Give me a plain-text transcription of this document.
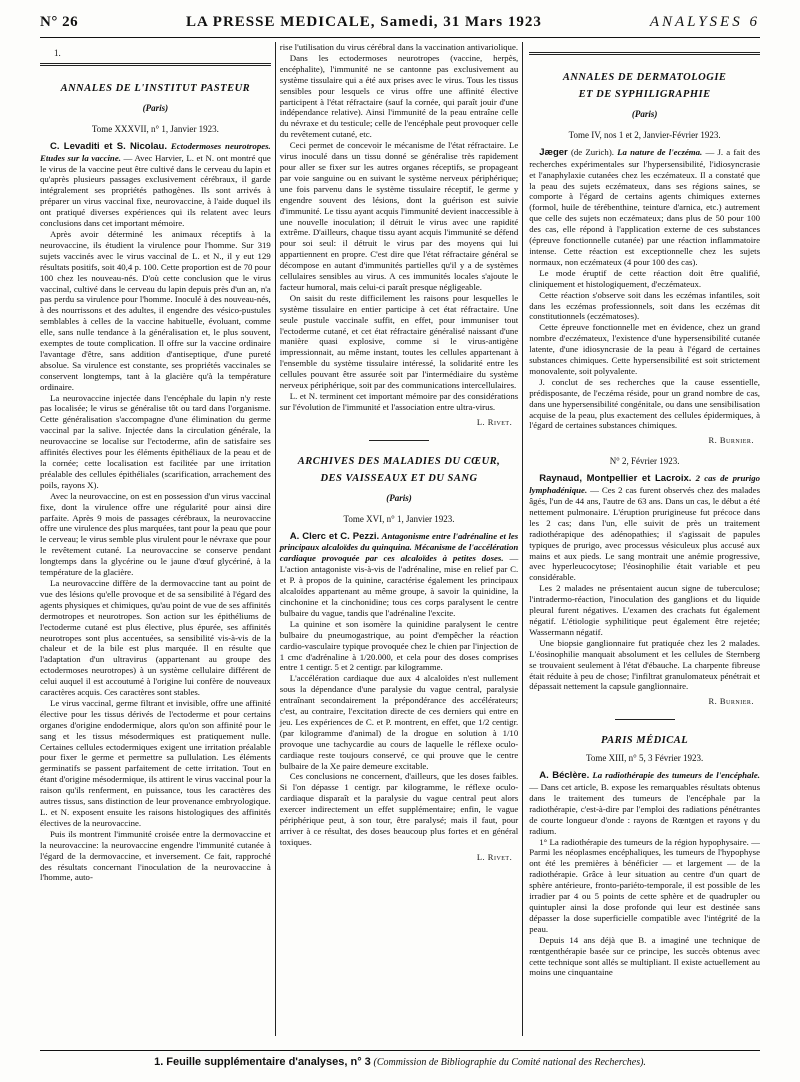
N° 26	LA PRESSE MEDICALE, Samedi, 31 Mars 1923	ANALYSES 6
1.
ANNALES DE L'INSTITUT PASTEUR
(Paris)
Tome XXXVII, n° 1, Janvier 1923.

C. Levaditi et S. Nicolau. Ectodermoses neurotropes. Etudes sur la vaccine. — Avec Harvier, L. et N. ont montré que le virus de la vaccine peut être cultivé dans le cerveau du lapin et qu'après plusieurs passages exclusivement cérébraux, il garde intégralement ses propriétés pathogènes. Ils sont arrivés à préparer un virus vaccinal fixe, neurovaccine, à l'aide duquel ils ont pratiqué diverses expériences qui ils relatent avec leurs conclusions dans cet important mémoire.

Après avoir déterminé les animaux réceptifs à la neurovaccine, ils étudient la virulence pour l'homme. Sur 319 sujets vaccinés avec le virus vaccinal de L. et N., il y eut 129 résultats positifs, soit 40,4 p. 100. Cette proportion est de 70 pour 100 chez les nouveau-nés. D'où cette conclusion que le virus vaccinal, cultivé dans le cerveau du lapin depuis près d'un an, n'a pas perdu sa virulence pour l'homme. Inoculé à des nouveau-nés, à des nourrissons et des adultes, il engendre des vésico-pustules semblables à celles de la vaccine habituelle, évoluant, comme elle, sans nulle tendance à la généralisation et, le plus souvent, exemptes de toute complication. Il offre sur la vaccine ordinaire l'avantage d'être, sans addition d'antiseptique, d'une pureté absolue. Sa virulence est constante, ses propriétés vaccinales se conservent longtemps, tant à la glacière qu'à la température ordinaire.

La neurovaccine injectée dans l'encéphale du lapin n'y reste pas localisée; le virus se généralise tôt ou tard dans l'organisme. Cette généralisation s'accompagne d'une élimination du germe vaccinal par la salive. Injectée dans la circulation générale, la neurovaccine se localise sur l'ectoderme, afin de satisfaire ses affinités électives pour les éléments épithéliaux de la peau et de la cornée; cette localisation est facilitée par une irritation préalable des cellules épithéliales (scarification, arrachement des poils, rayons X).

Avec la neurovaccine, on est en possession d'un virus vaccinal fixe, dont la virulence offre une régularité pour ainsi dire parfaite. Après 9 mois de passages cérébraux, la neurovaccine offre une virulence des plus marquées, tant pour la peau que pour le cerveau; le virus semble plus virulent pour le névraxe que pour le revêtement cutané. La neurovaccine se conserve pendant longtemps dans la glycérine ou le jaune d'œuf glycériné, à la température de la glacière.

La neurovaccine diffère de la dermovaccine tant au point de vue des lésions qu'elle provoque et de sa sensibilité à l'égard des agents physiques et chimiques, qu'au point de vue de ses affinités dermotropes et neurotropes. Son action sur les épithéliums de l'ectoderme cutané est plus élective, plus épurée, ses affinités neurotropes sont plus accentuées, sa sensibilité vis-à-vis de la chaleur et de la bile est plus marquée. Il en résulte que l'adaptation d'un ultravirus (appartenant au groupe des ectodermoses neurotropes) à un système cellulaire différent de celui auquel il est accoutumé à l'origine lui confère de nouveaux caractères acquis. Ces caractères sont stables.

Le virus vaccinal, germe filtrant et invisible, offre une affinité élective pour les tissus dérivés de l'ectoderme et pour certains organes d'origine endodermique, alors qu'on son affinité pour le sang et les tissus mésodermiques est pratiquement nulle. Certaines cellules ectodermiques exigent une irritation préalable pour fixer le germe et permettre sa pullulation. Les éléments germinatifs se passent parfaitement de cette irritation. Tout en étant d'origine mésodermique, ils attirent le virus vaccinal pour la raison qu'ils renferment, en puissance, tous les caractères des autres tissus, sans distinction de leur provenance embryologique. L. et N. exposent ensuite les raisons histologiques des affinités électives de la neurovaccine.

Puis ils montrent l'immunité croisée entre la dermovaccine et la neurovaccine: la neurovaccine engendre l'immunité cutanée à l'égard de la dermovaccine, et inversement. Ce fait, rapproché des résultats concernant l'inoculation de la neurovaccine à l'homme, auto-

rise l'utilisation du virus cérébral dans la vaccination antivariolique.

Dans les ectodermoses neurotropes (vaccine, herpès, encéphalite), l'immunité ne se cantonne pas exclusivement au système tissulaire qui a été aux prises avec le virus. Tous les tissus sensibles pour lesquels ce virus offre une affinité élective participent à l'état réfractaire (sauf la cornée, qui paraît jouir d'une indépendance relative). Ainsi l'immunité de la peau entraîne celle du névraxe et du testicule; celle de l'encéphale peut provoquer celle du revêtement cutané, etc.

Ceci permet de concevoir le mécanisme de l'état réfractaire. Le virus inoculé dans un tissu donné se généralise très rapidement pour aller se fixer sur les autres organes réceptifs, se propageant par voie sanguine ou en suivant le système nerveux périphérique; une fois parvenu dans le système tissulaire réceptif, le germe y engendre souvent des lésions, dont la guérison est suivie d'immunité. Le tissu ayant acquis l'immunité devient inaccessible à une nouvelle inoculation; il détruit le virus avec une rapidité extrême. D'ailleurs, chaque tissu ayant acquis l'immunité se défend pour soi seul: il détruit le virus par des moyens qui lui appartiennent en propre. C'est dire que l'état réfractaire général se décompose en autant d'immunités partielles qu'il y a de systèmes cellulaires sensibles au virus. A ces immunités locales s'ajoute le facteur humoral, mais celui-ci paraît presque négligeable.

On saisit du reste difficilement les raisons pour lesquelles le système tissulaire en entier participe à cet état réfractaire. Une seule pustule vaccinale suffit, en effet, pour immuniser tout l'ectoderme cutané, et cet état réfractaire généralisé naissant d'une manière quasi explosive, comme si le virus-antigène impressionnait, au même instant, toutes les cellules appartenant à l'ensemble du système tissulaire intéressé, la solidarité entre les cellules pouvant être assurée soit par l'intermédiaire du système nerveux périphérique, soit par des communications intercellulaires.

L. et N. terminent cet important mémoire par des considérations sur l'évolution de l'immunité et l'association entre ultra-virus.

L. Rivet.
ARCHIVES DES MALADIES DU CŒUR,
DES VAISSEAUX ET DU SANG
(Paris)
Tome XVI, n° 1, Janvier 1923.

A. Clerc et C. Pezzi. Antagonisme entre l'adrénaline et les principaux alcaloïdes du quinquina. Mécanisme de l'accélération cardiaque provoquée par ces alcaloïdes à petites doses. — L'action antagoniste vis-à-vis de l'adrénaline, mise en relief par C. et P. à propos de la quinine, caractérise également les principaux alcaloïdes appartenant au même groupe, à savoir la quinidine, la cinchonine et la cinchonidine; tous ces corps paralysent le centre bulbaire du vague, tandis que l'adrénaline l'excite.

La quinine et son isomère la quinidine paralysent le centre bulbaire du pneumogastrique, au point d'empêcher la réaction cardio-vasculaire typique provoquée chez le chien par l'injection de 1 cmc d'adrénaline à 1/20.000, et cela pour des doses comprises entre 1 centigr. 5 et 2 centigr. par kilogramme.

L'accélération cardiaque due aux 4 alcaloïdes n'est nullement sous la dépendance d'une paralysie du vague central, paralysie entraînant secondairement la prépondérance des accélérateurs; c'est, au contraire, l'excitation directe de ces derniers qui entre en jeu. Les expériences de C. et P. montrent, en effet, que 1/2 centigr. (par kilogramme d'animal) de la drogue en solution à 1/10 provoque une tachycardie au cours de laquelle le réflexe oculo-cardiaque reste toujours conservé, ce qui prouve que le centre bulbaire de la Xe paire demeure excitable.

Ces conclusions ne concernent, d'ailleurs, que les doses faibles. Si l'on dépasse 1 centigr. par kilogramme, le réflexe oculo-cardiaque disparaît et la paralysie du vague central peut alors exercer indirectement un effet supplémentaire; enfin, le vague périphérique peut, à son tour, être paralysé; mais il faut, pour arriver à ce résultat, des doses beaucoup plus fortes et en général toxiques.

L. Rivet.
ANNALES DE DERMATOLOGIE
ET DE SYPHILIGRAPHIE
(Paris)
Tome IV, nos 1 et 2, Janvier-Février 1923.

Jæger (de Zurich). La nature de l'eczéma. — J. a fait des recherches expérimentales sur l'hypersensibilité, l'idiosyncrasie et l'anaphylaxie cutanées chez les eczémateux. Il a constaté que la peau des sujets eczémateux, dans ses régions saines, se comporte à l'égard de certains agents chimiques externes (formol, huile de térébenthine, teinture d'arnica, etc.) autrement que celle des sujets non eczémateux; dans plus de 50 pour 100 des cas, elle répond à l'application externe de ces substances (épreuve fonctionnelle cutanée) par une réaction inflammatoire intense. Cette réaction est exceptionnelle chez les sujets normaux, non eczémateux (4 pour 100 des cas).

Le mode éruptif de cette réaction doit être qualifié, cliniquement et histologiquement, d'eczémateux.

Cette réaction s'observe soit dans les eczémas infantiles, soit dans les eczémas professionnels, soit dans les eczémas dit constitutionnels (eczématoses).

Cette épreuve fonctionnelle met en évidence, chez un grand nombre d'eczémateux, l'existence d'une hypersensibilité cutanée latente, d'une idiosyncrasie de la peau à l'égard de certaines substances chimiques. Cette hypersensibilité est soit strictement monovalente, soit polyvalente.

J. conclut de ses recherches que la cause essentielle, prédisposante, de l'eczéma réside, pour un grand nombre de cas, dans une hypersensibilité congénitale, ou dans une sensibilisation acquise de la peau, plus exactement des cellules épidermiques, à l'égard de certaines substances chimiques.

R. Burnier.
N° 2, Février 1923.

Raynaud, Montpellier et Lacroix. 2 cas de prurigo lymphadénique. — Ces 2 cas furent observés chez des malades âgés, l'un de 44 ans, l'autre de 63 ans. Dans un cas, le début a été nettement pulmonaire. L'éruption prurigineuse fut précoce dans les 2 cas; dans l'un, elle suivit de près un traitement radiothérapique des adénopathies; il s'agissait de papules typiques de prurigo, avec processus vésiculeux plus accusé aux mains et aux pieds. Le sang montrait une anémie progressive, avec hyperleucocytose; l'éosinophilie était variable et peu considérable.

Les 2 malades ne présentaient aucun signe de tuberculose; l'intradermo-réaction, l'inoculation des ganglions et du liquide pleural furent négatives. L'examen des crachats fut également négatif. L'étiologie syphilitique peut également être rejetée; Wassermann négatif.

Une biopsie ganglionnaire fut pratiquée chez les 2 malades. L'éosinophilie manquait absolument et les cellules de Sternberg se trouvaient seulement à l'état d'ébauche. La charpente fibreuse était réduite à peu de chose; l'infiltrat granulomateux pénétrait et dépassait nettement la capsule ganglionnaire.

R. Burnier.
PARIS MÉDICAL
Tome XIII, n° 5, 3 Février 1923.

A. Béclère. La radiothérapie des tumeurs de l'encéphale. — Dans cet article, B. expose les remarquables résultats obtenus dans le traitement des tumeurs de l'encéphale par la radiothérapie, c'est-à-dire par l'emploi des radiations pénétrantes de courte longueur d'onde : rayons de Rœntgen et rayons γ du radium.

1° La radiothérapie des tumeurs de la région hypophysaire. — Parmi les néoplasmes encéphaliques, les tumeurs de l'hypophyse ont été les premières à bénéficier — et largement — de la radiothérapie. Grâce à leur situation au centre d'un quart de sphère antérieure, fronto-pariéto-temporale, il est possible de les irradier par 4 ou 5 points de cette sphère et de quadrupler ou quintupler ainsi la dose profonde qui leur est destinée sans dépasser la dose superficielle compatible avec l'intégrité de la peau.

Depuis 14 ans déjà que B. a imaginé une technique de rœntgenthérapie basée sur ce principe, les succès obtenus avec cette technique sont allés se multipliant. Il existe actuellement au moins une cinquantaine

1. Feuille supplémentaire d'analyses, n° 3 (Commission de Bibliographie du Comité national des Recherches).
